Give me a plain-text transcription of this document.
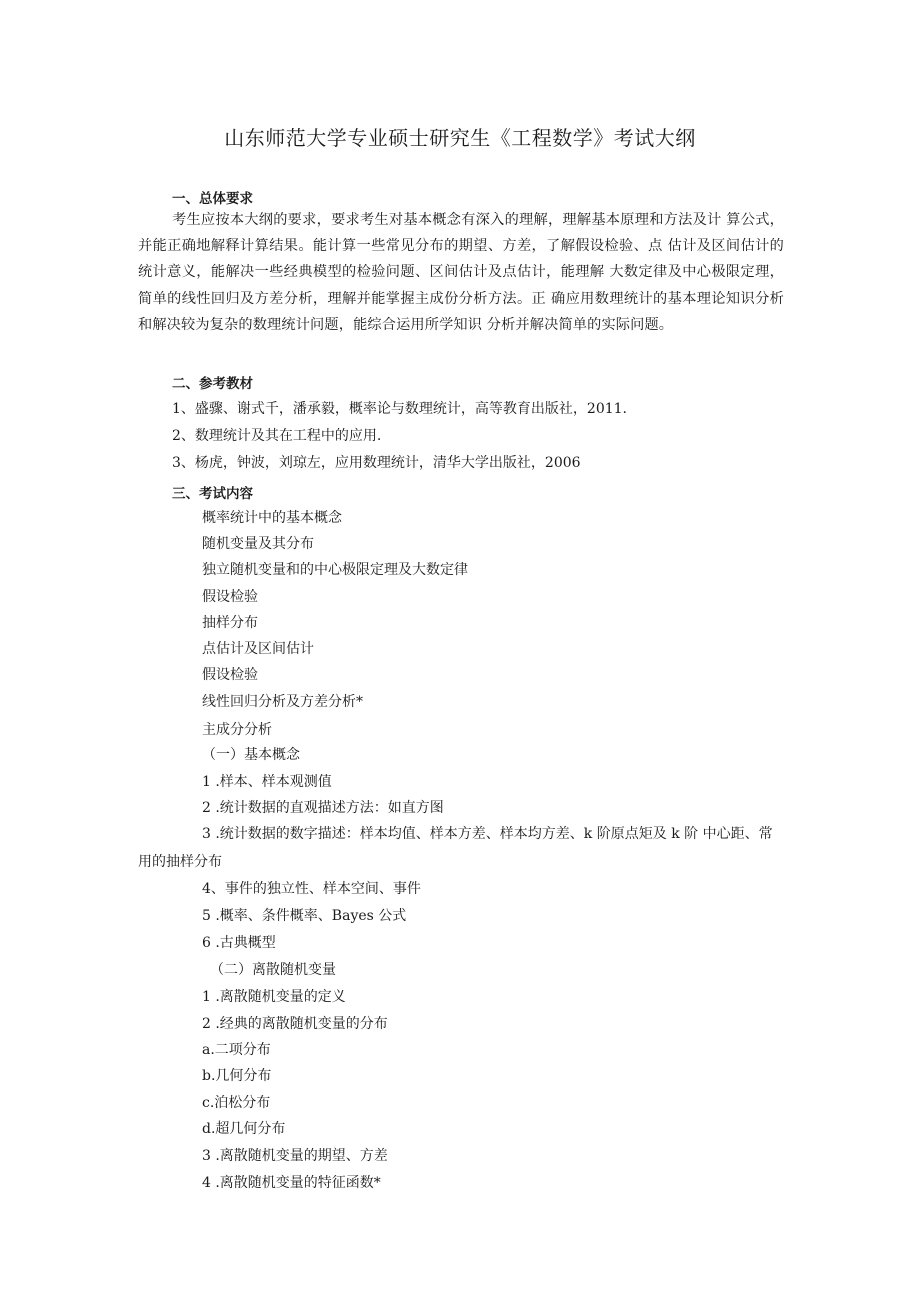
山东师范大学专业硕士研究生《工程数学》考试大纲
一、总体要求
考生应按本大纲的要求，要求考生对基本概念有深入的理解，理解基本原理和方法及计 算公式，并能正确地解释计算结果。能计算一些常见分布的期望、方差，了解假设检验、点 估计及区间估计的统计意义，能解决一些经典模型的检验问题、区间估计及点估计，能理解 大数定律及中心极限定理，简单的线性回归及方差分析，理解并能掌握主成份分析方法。正 确应用数理统计的基本理论知识分析和解决较为复杂的数理统计问题，能综合运用所学知识 分析并解决简单的实际问题。
二、参考教材
1、盛骤、谢式千，潘承毅，概率论与数理统计，高等教育出版社，2011.
2、数理统计及其在工程中的应用.
3、杨虎，钟波，刘琼左，应用数理统计，清华大学出版社，2006
三、考试内容
概率统计中的基本概念
随机变量及其分布
独立随机变量和的中心极限定理及大数定律
假设检验
抽样分布
点估计及区间估计
假设检验
线性回归分析及方差分析*
主成分分析
（一）基本概念
1 .样本、样本观测值
2 .统计数据的直观描述方法：如直方图
3 .统计数据的数字描述：样本均值、样本方差、样本均方差、k 阶原点矩及 k 阶 中心距、常用的抽样分布
4、事件的独立性、样本空间、事件
5 .概率、条件概率、Bayes 公式
6 .古典概型
（二）离散随机变量
1 .离散随机变量的定义
2 .经典的离散随机变量的分布
a.二项分布
b.几何分布
c.泊松分布
d.超几何分布
3 .离散随机变量的期望、方差
4 .离散随机变量的特征函数*
